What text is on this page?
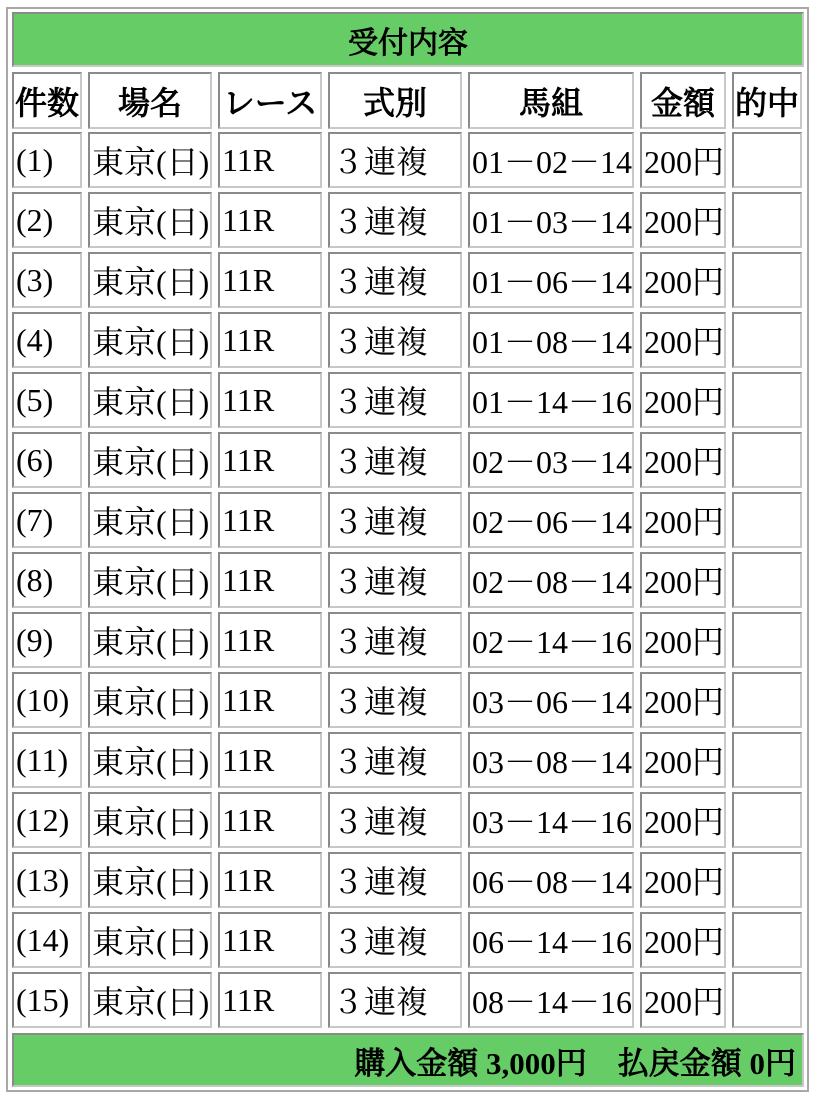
受付内容
件数	場名	レース	式別	馬組	金額 的中
(1)	東京(日) 11R	３連複	01－02－14 200円
(2)	東京(日) 11R	３連複	01－03－14 200円
(3)	東京(日) 11R	３連複	01－06－14 200円
(4)	東京(日) 11R	３連複	01－08－14 200円
(5)	東京(日) 11R	３連複	01－14－16 200円
(6)	東京(日) 11R	３連複	02－03－14 200円
(7)	東京(日) 11R	３連複	02－06－14 200円
(8)	東京(日) 11R	３連複	02－08－14 200円
(9)	東京(日) 11R	３連複	02－14－16 200円
(10) 東京(日) 11R	３連複	03－06－14 200円
(11) 東京(日) 11R	３連複	03－08－14 200円
(12) 東京(日) 11R	３連複	03－14－16 200円
(13) 東京(日) 11R	３連複	06－08－14 200円
(14) 東京(日) 11R	３連複	06－14－16 200円
(15) 東京(日) 11R	３連複	08－14－16 200円
購入金額 3,000円　払戻金額 0円
